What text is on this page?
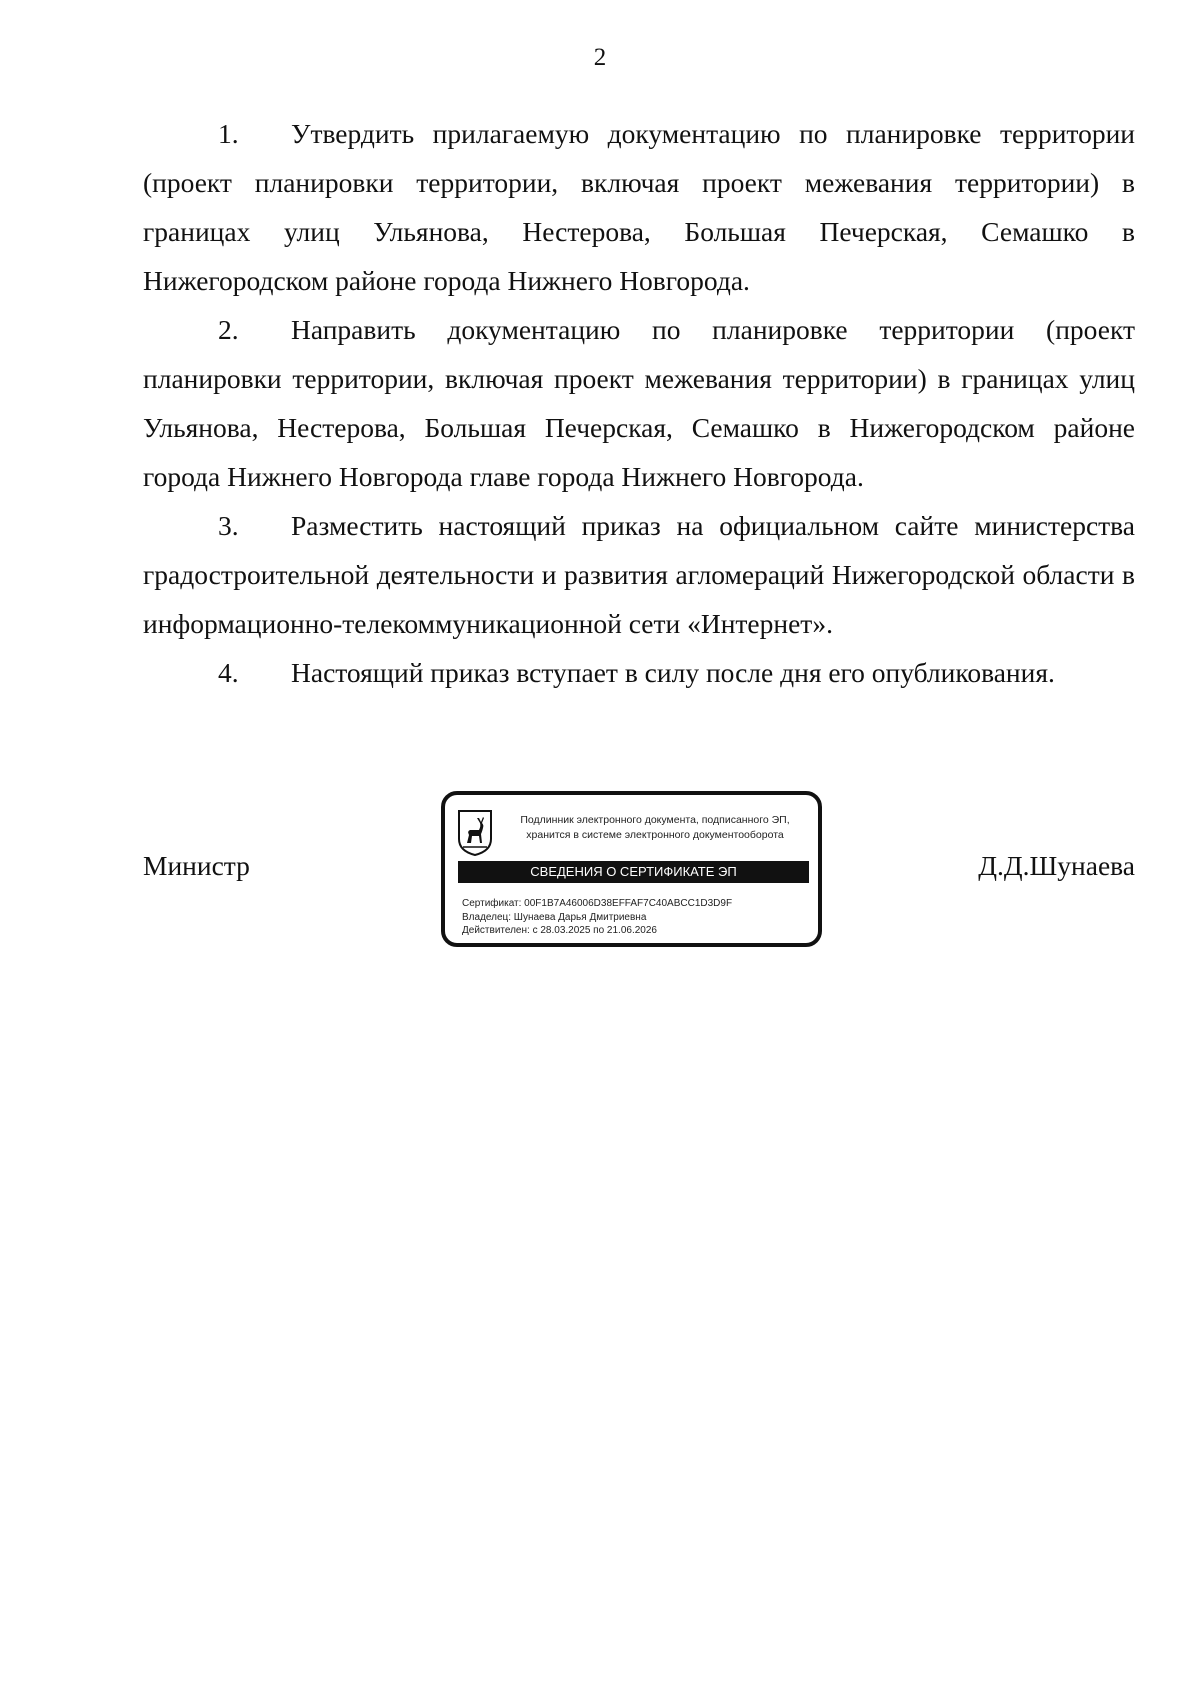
2

1. Утвердить прилагаемую документацию по планировке территории (проект планировки территории, включая проект межевания территории) в границах улиц Ульянова, Нестерова, Большая Печерская, Семашко в Нижегородском районе города Нижнего Новгорода.

2. Направить документацию по планировке территории (проект планировки территории, включая проект межевания территории) в границах улиц Ульянова, Нестерова, Большая Печерская, Семашко в Нижегородском районе города Нижнего Новгорода главе города Нижнего Новгорода.

3. Разместить настоящий приказ на официальном сайте министерства градостроительной деятельности и развития агломераций Нижегородской области в информационно-телекоммуникационной сети «Интернет».

4. Настоящий приказ вступает в силу после дня его опубликования.

Министр	Д.Д.Шунаева
Подлинник электронного документа, подписанного ЭП,
хранится в системе электронного документооборота
СВЕДЕНИЯ О СЕРТИФИКАТЕ ЭП
Сертификат: 00F1B7A46006D38EFFAF7C40ABCC1D3D9F
Владелец: Шунаева Дарья Дмитриевна
Действителен: с 28.03.2025 по 21.06.2026
